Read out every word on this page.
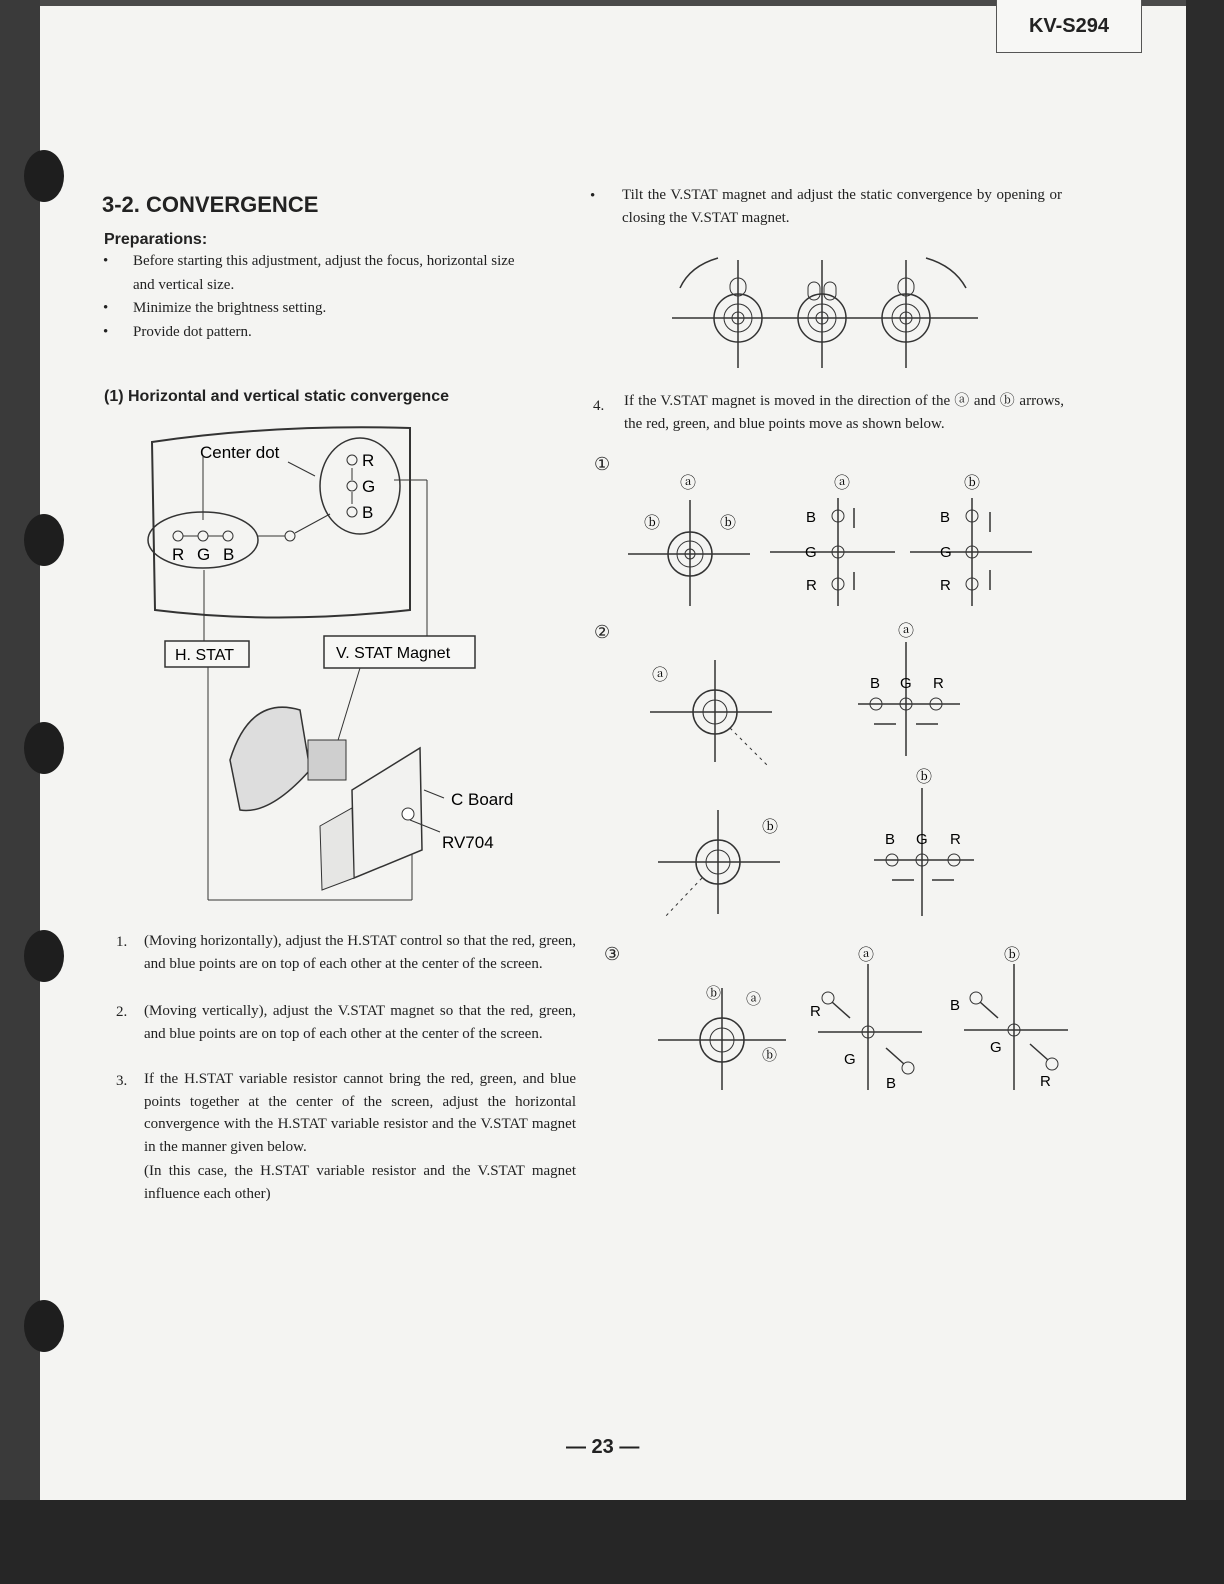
KV-S294
3-2. CONVERGENCE
Preparations:
• Before starting this adjustment, adjust the focus, horizontal size
and vertical size.
• Minimize the brightness setting.
• Provide dot pattern.
(1) Horizontal and vertical static convergence
R
G
B
Center dot
R G B
H. STAT	V. STAT Magnet
C Board
RV704
1. (Moving horizontally), adjust the H.STAT control so that the red, green, and blue points are on top of each other at the center of the screen.
2. (Moving vertically), adjust the V.STAT magnet so that the red, green, and blue points are on top of each other at the center of the screen.
3. If the H.STAT variable resistor cannot bring the red, green, and blue points together at the center of the screen, adjust the horizontal convergence with the H.STAT variable resistor and the V.STAT magnet in the manner given below.
(In this case, the H.STAT variable resistor and the V.STAT magnet influence each other)
• Tilt the V.STAT magnet and adjust the static convergence by opening or closing the V.STAT magnet.
4. If the V.STAT magnet is moved in the direction of the ⓐ and ⓑ arrows, the red, green, and blue points move as shown below.
①
ⓐ
ⓑ	ⓑ
ⓐ
B
G
R
ⓑ
B
G
R
②
ⓐ
ⓐ
B G R
ⓑ
ⓑ
B G R
③
ⓑ ⓐ
ⓑ
ⓐ
R
G
B
ⓑ
B
G
R
— 23 —
